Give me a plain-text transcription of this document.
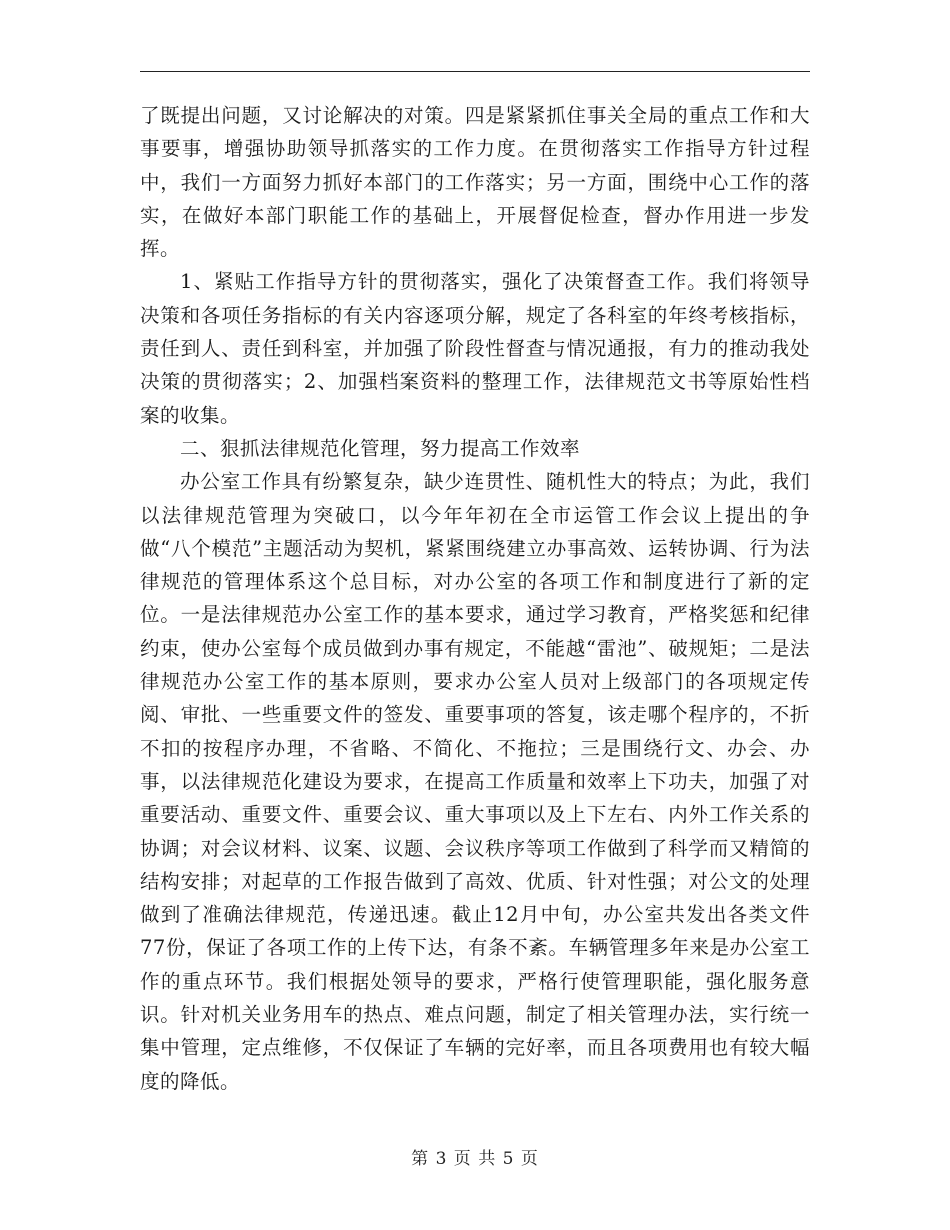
了既提出问题，又讨论解决的对策。四是紧紧抓住事关全局的重点工作和大事要事，增强协助领导抓落实的工作力度。在贯彻落实工作指导方针过程中，我们一方面努力抓好本部门的工作落实；另一方面，围绕中心工作的落实，在做好本部门职能工作的基础上，开展督促检查，督办作用进一步发挥。

1、紧贴工作指导方针的贯彻落实，强化了决策督查工作。我们将领导决策和各项任务指标的有关内容逐项分解，规定了各科室的年终考核指标，责任到人、责任到科室，并加强了阶段性督查与情况通报，有力的推动我处决策的贯彻落实；2、加强档案资料的整理工作，法律规范文书等原始性档案的收集。

二、狠抓法律规范化管理，努力提高工作效率

办公室工作具有纷繁复杂，缺少连贯性、随机性大的特点；为此，我们以法律规范管理为突破口，以今年年初在全市运管工作会议上提出的争做“八个模范”主题活动为契机，紧紧围绕建立办事高效、运转协调、行为法律规范的管理体系这个总目标，对办公室的各项工作和制度进行了新的定位。一是法律规范办公室工作的基本要求，通过学习教育，严格奖惩和纪律约束，使办公室每个成员做到办事有规定，不能越“雷池”、破规矩；二是法律规范办公室工作的基本原则，要求办公室人员对上级部门的各项规定传阅、审批、一些重要文件的签发、重要事项的答复，该走哪个程序的，不折不扣的按程序办理，不省略、不简化、不拖拉；三是围绕行文、办会、办事，以法律规范化建设为要求，在提高工作质量和效率上下功夫，加强了对重要活动、重要文件、重要会议、重大事项以及上下左右、内外工作关系的协调；对会议材料、议案、议题、会议秩序等项工作做到了科学而又精简的结构安排；对起草的工作报告做到了高效、优质、针对性强；对公文的处理做到了准确法律规范，传递迅速。截止12月中旬，办公室共发出各类文件77份，保证了各项工作的上传下达，有条不紊。车辆管理多年来是办公室工作的重点环节。我们根据处领导的要求，严格行使管理职能，强化服务意识。针对机关业务用车的热点、难点问题，制定了相关管理办法，实行统一集中管理，定点维修，不仅保证了车辆的完好率，而且各项费用也有较大幅度的降低。

第 3 页 共 5 页
